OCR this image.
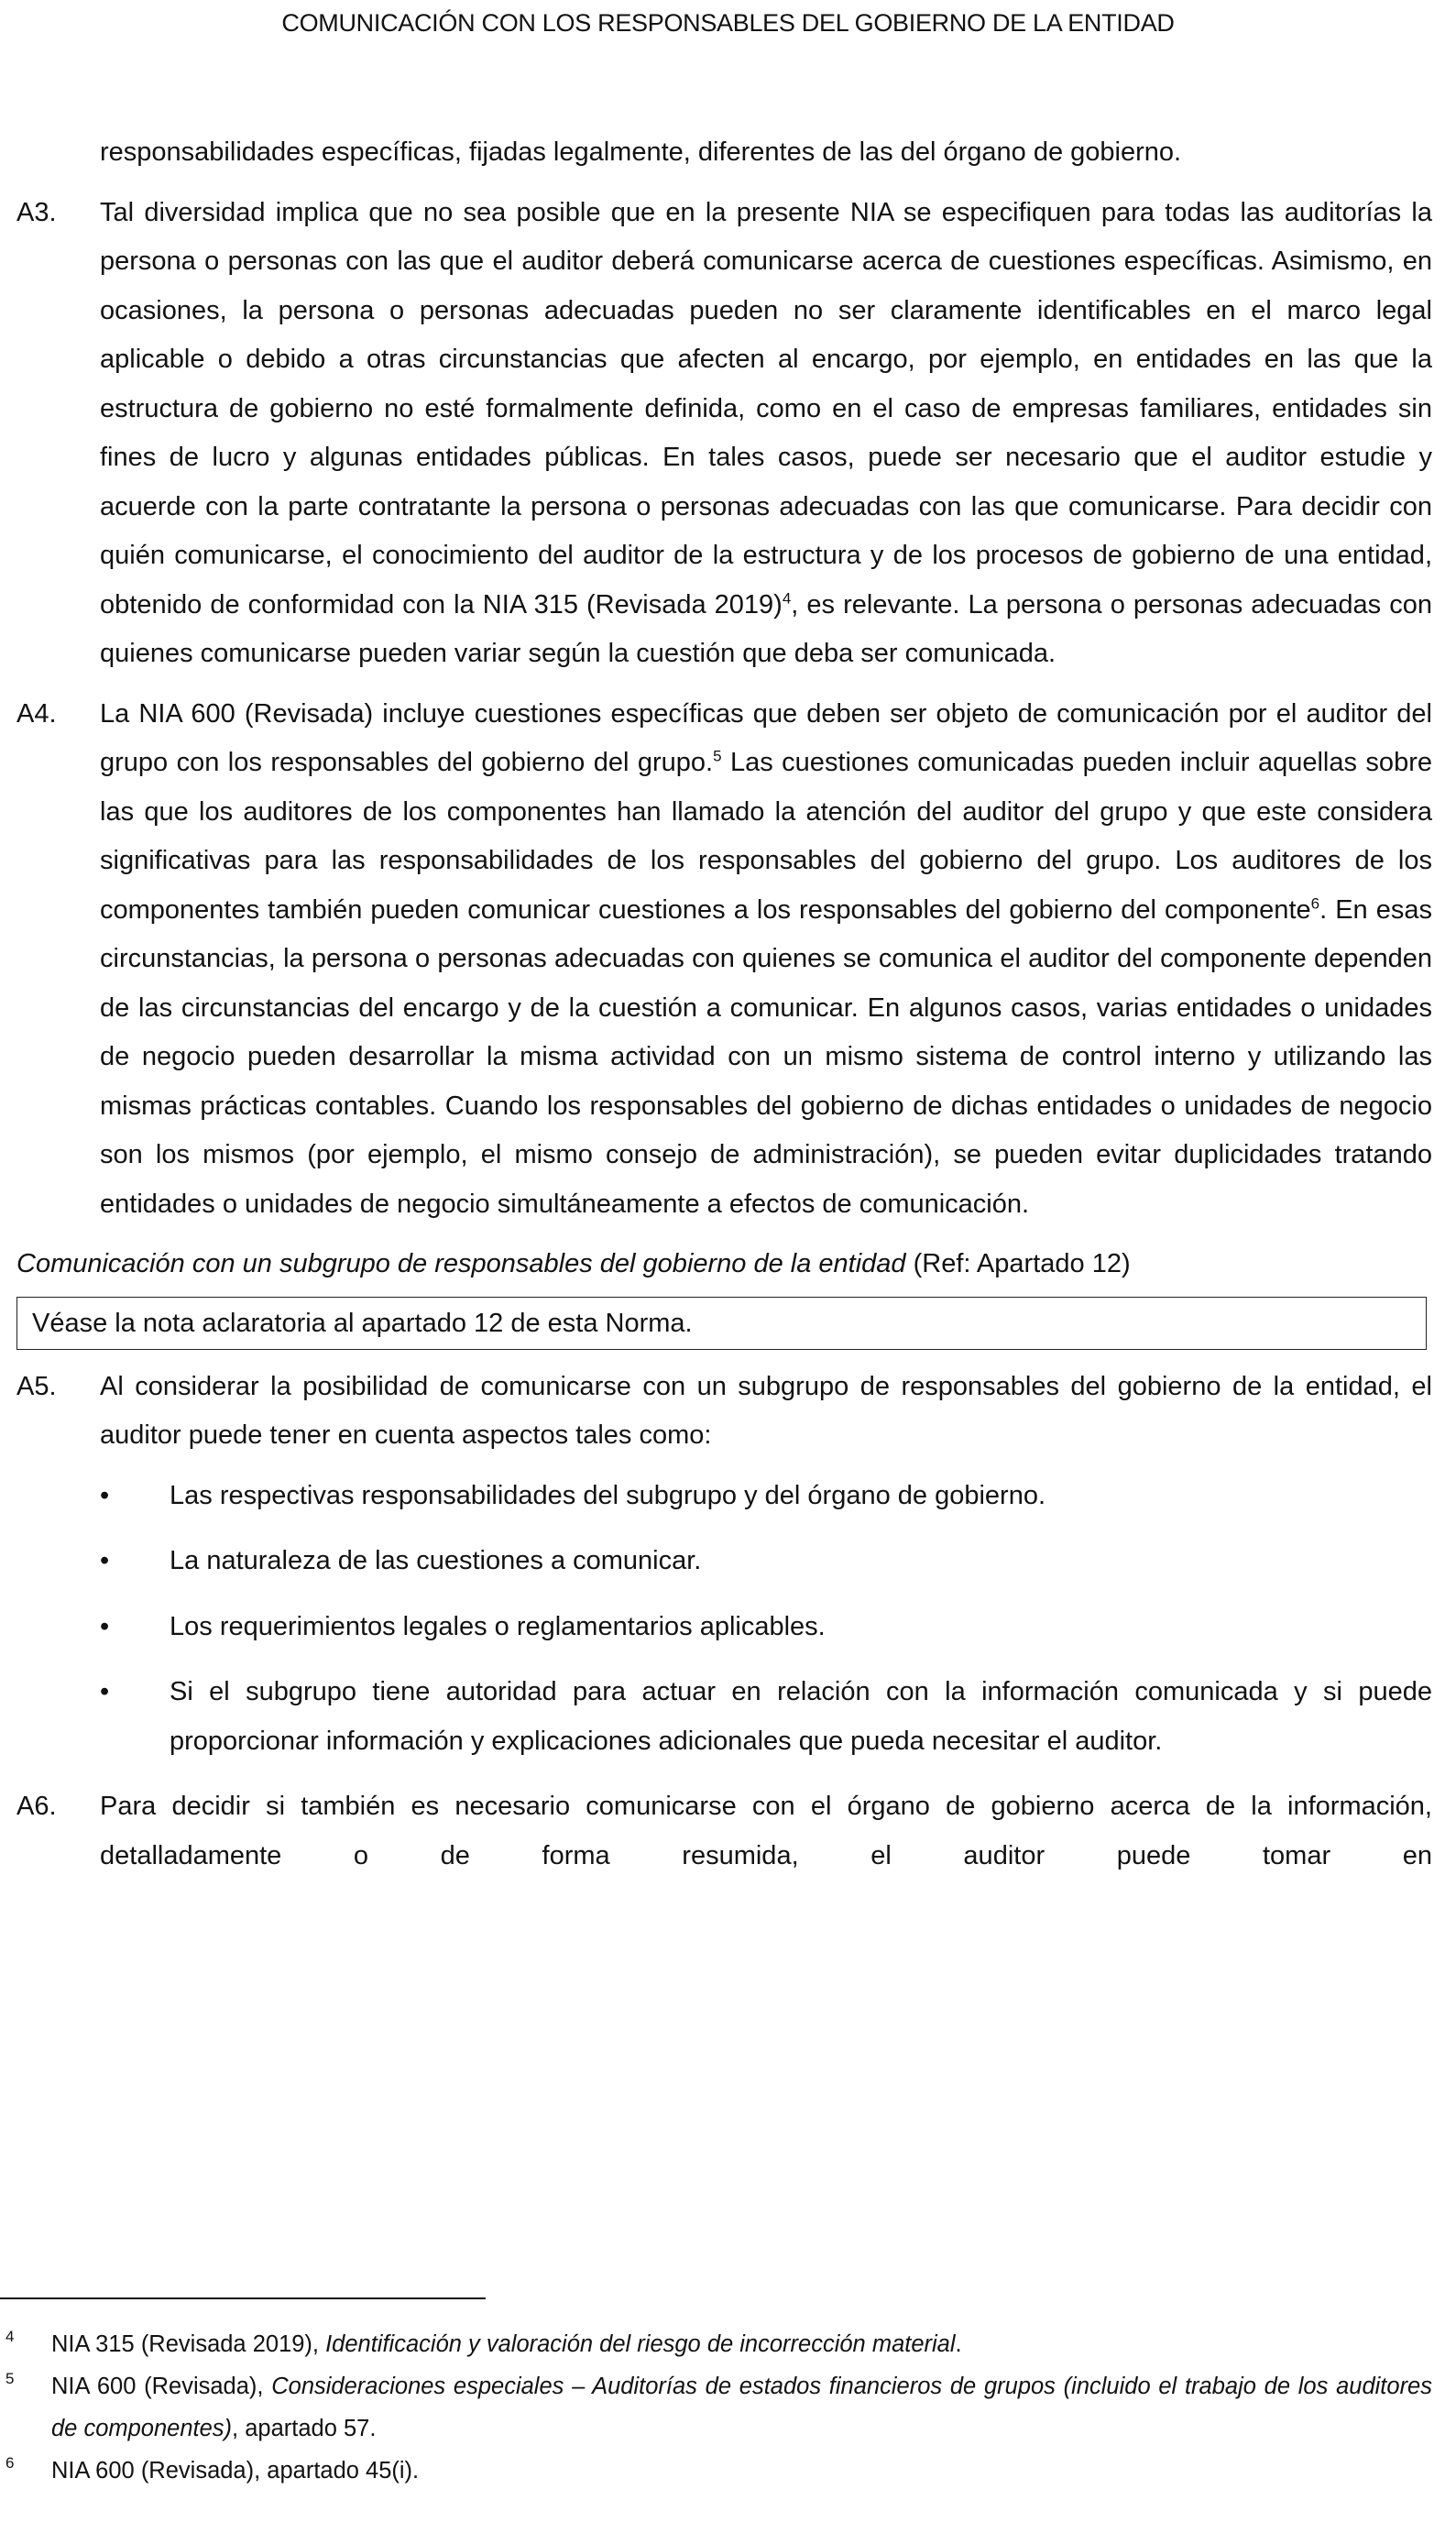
COMUNICACIÓN CON LOS RESPONSABLES DEL GOBIERNO DE LA ENTIDAD
responsabilidades específicas, fijadas legalmente, diferentes de las del órgano de gobierno.
A3. Tal diversidad implica que no sea posible que en la presente NIA se especifiquen para todas las auditorías la persona o personas con las que el auditor deberá comunicarse acerca de cuestiones específicas. Asimismo, en ocasiones, la persona o personas adecuadas pueden no ser claramente identificables en el marco legal aplicable o debido a otras circunstancias que afecten al encargo, por ejemplo, en entidades en las que la estructura de gobierno no esté formalmente definida, como en el caso de empresas familiares, entidades sin fines de lucro y algunas entidades públicas. En tales casos, puede ser necesario que el auditor estudie y acuerde con la parte contratante la persona o personas adecuadas con las que comunicarse. Para decidir con quién comunicarse, el conocimiento del auditor de la estructura y de los procesos de gobierno de una entidad, obtenido de conformidad con la NIA 315 (Revisada 2019)$^4$, es relevante. La persona o personas adecuadas con quienes comunicarse pueden variar según la cuestión que deba ser comunicada.
A4. La NIA 600 (Revisada) incluye cuestiones específicas que deben ser objeto de comunicación por el auditor del grupo con los responsables del gobierno del grupo.$^5$ Las cuestiones comunicadas pueden incluir aquellas sobre las que los auditores de los componentes han llamado la atención del auditor del grupo y que este considera significativas para las responsabilidades de los responsables del gobierno del grupo. Los auditores de los componentes también pueden comunicar cuestiones a los responsables del gobierno del componente$^6$. En esas circunstancias, la persona o personas adecuadas con quienes se comunica el auditor del componente dependen de las circunstancias del encargo y de la cuestión a comunicar. En algunos casos, varias entidades o unidades de negocio pueden desarrollar la misma actividad con un mismo sistema de control interno y utilizando las mismas prácticas contables. Cuando los responsables del gobierno de dichas entidades o unidades de negocio son los mismos (por ejemplo, el mismo consejo de administración), se pueden evitar duplicidades tratando entidades o unidades de negocio simultáneamente a efectos de comunicación.
Comunicación con un subgrupo de responsables del gobierno de la entidad (Ref: Apartado 12)
Véase la nota aclaratoria al apartado 12 de esta Norma.
A5. Al considerar la posibilidad de comunicarse con un subgrupo de responsables del gobierno de la entidad, el auditor puede tener en cuenta aspectos tales como:
• Las respectivas responsabilidades del subgrupo y del órgano de gobierno.
• La naturaleza de las cuestiones a comunicar.
• Los requerimientos legales o reglamentarios aplicables.
• Si el subgrupo tiene autoridad para actuar en relación con la información comunicada y si puede proporcionar información y explicaciones adicionales que pueda necesitar el auditor.
A6. Para decidir si también es necesario comunicarse con el órgano de gobierno acerca de la información, detalladamente o de forma resumida, el auditor puede tomar en
4 NIA 315 (Revisada 2019), Identificación y valoración del riesgo de incorrección material.
5 NIA 600 (Revisada), Consideraciones especiales – Auditorías de estados financieros de grupos (incluido el trabajo de los auditores de componentes), apartado 57.
6 NIA 600 (Revisada), apartado 45(i).
